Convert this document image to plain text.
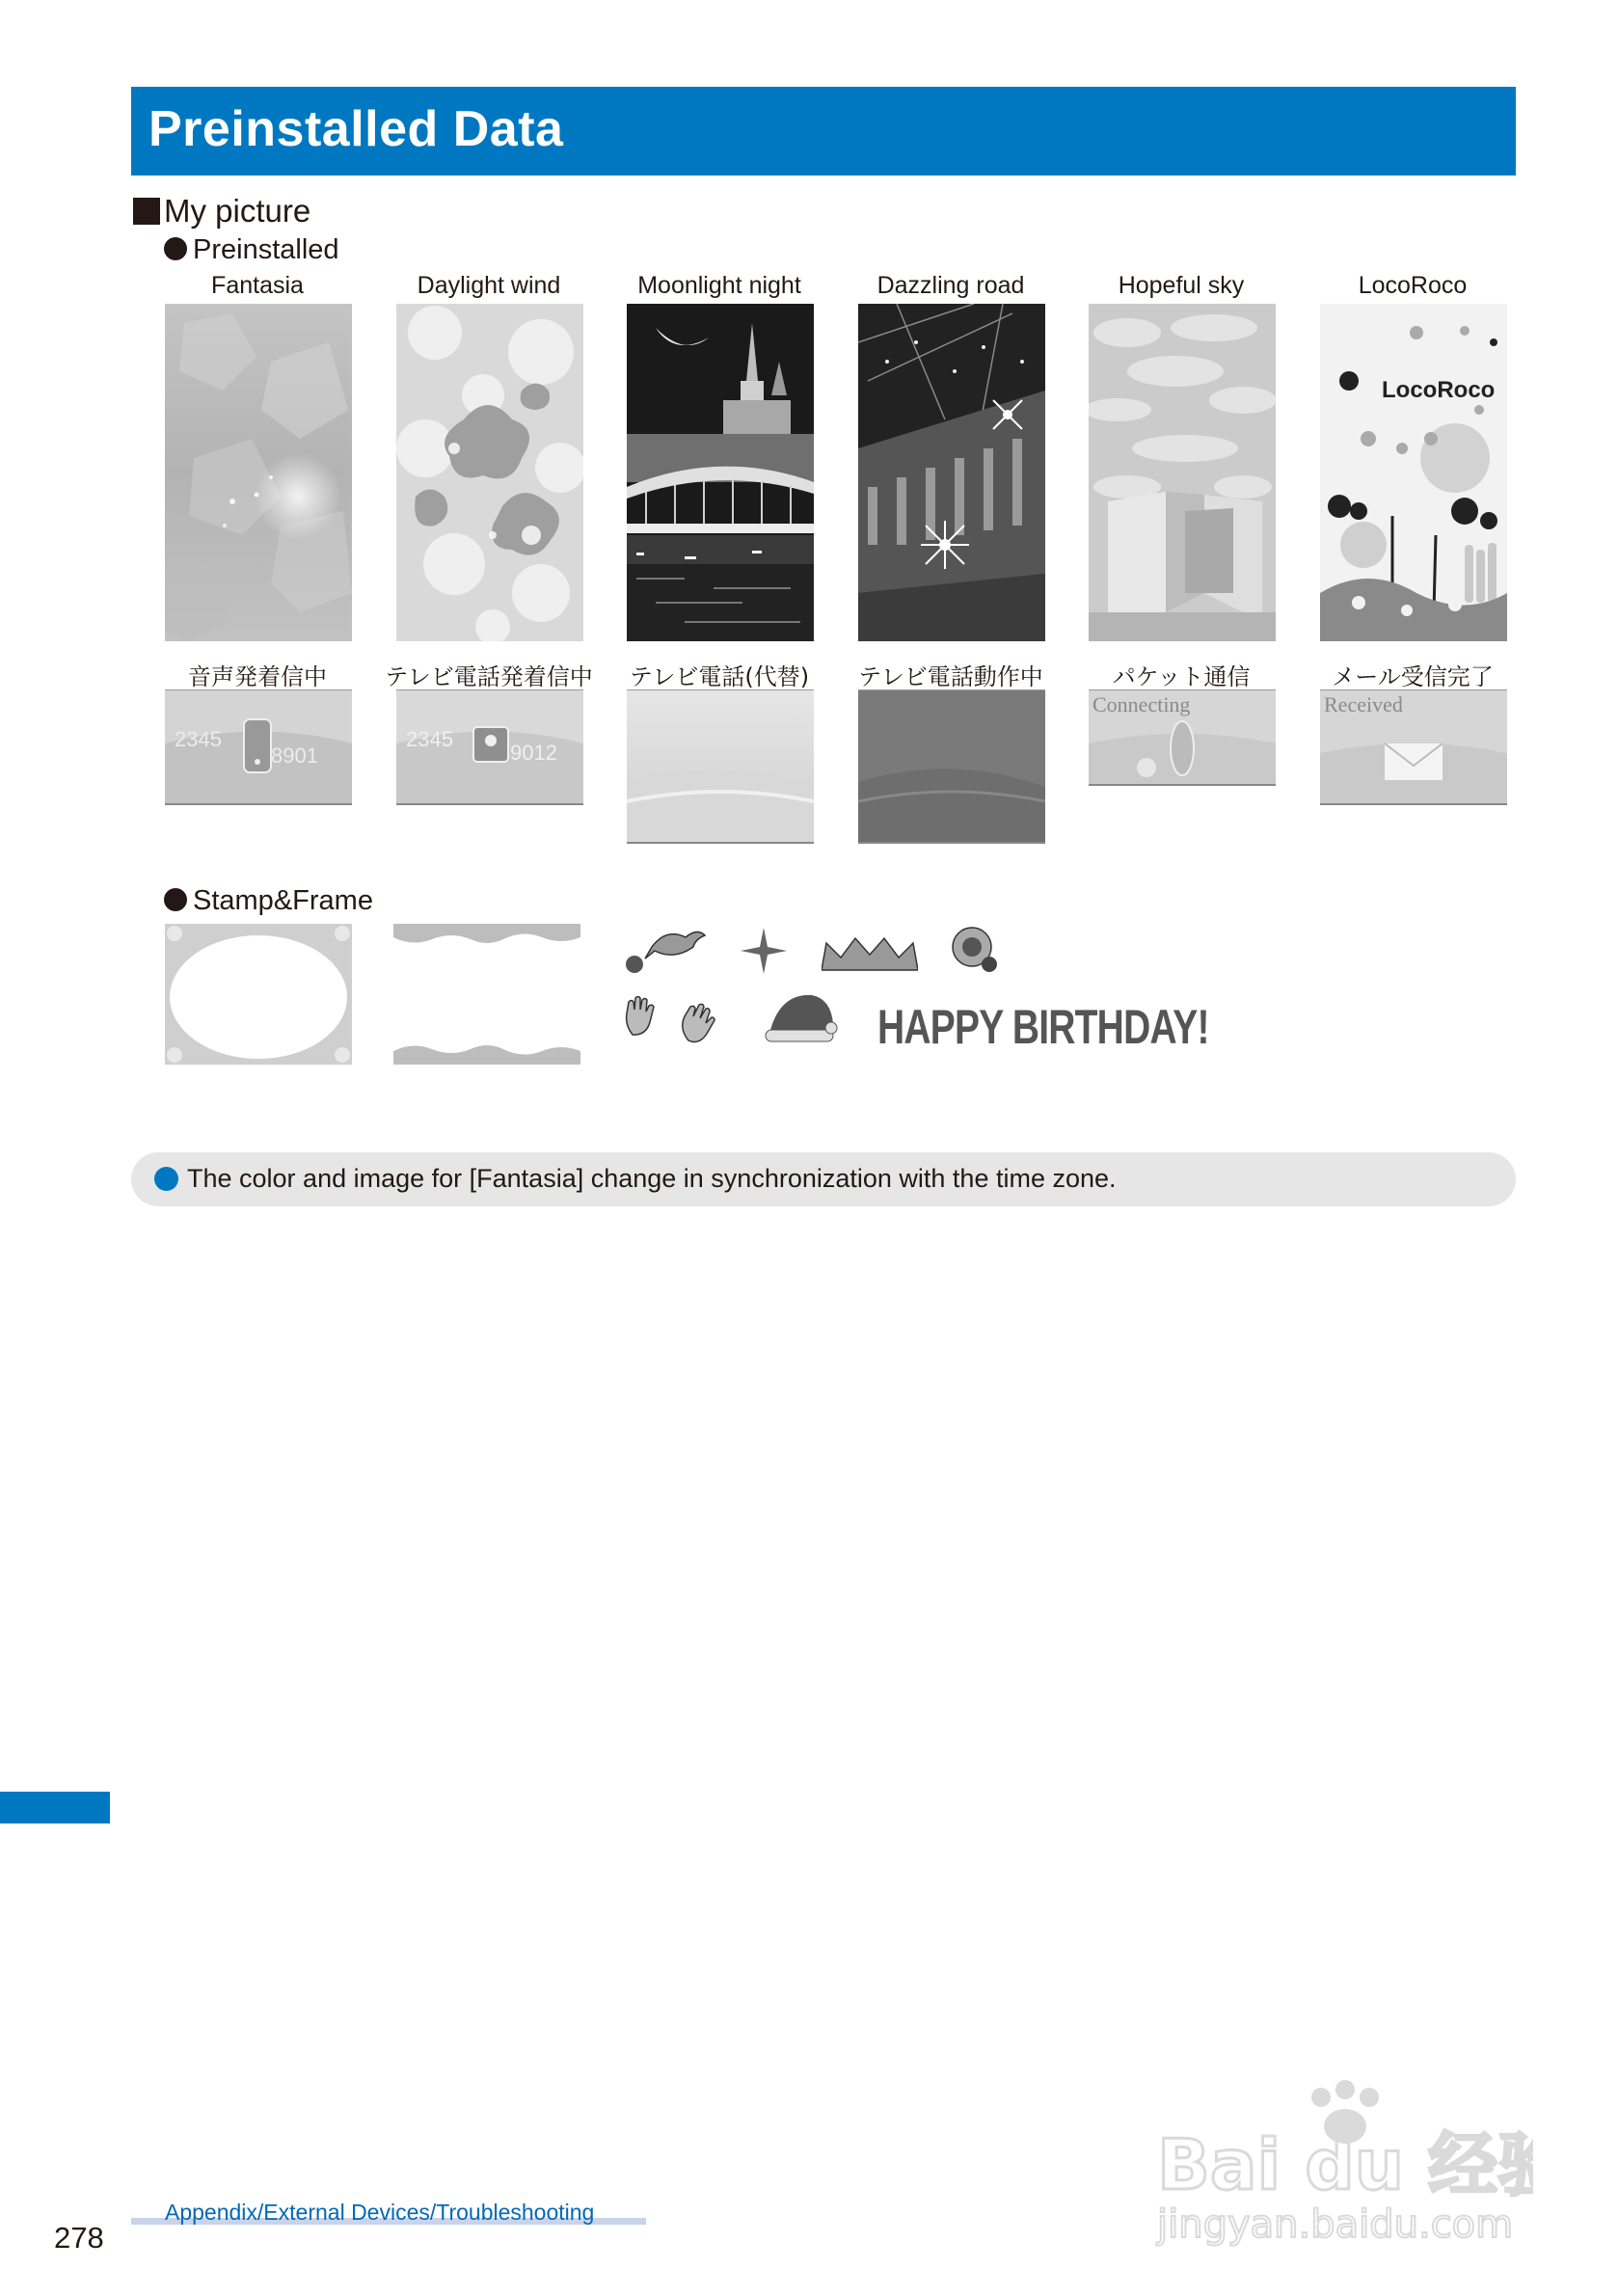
Preinstalled Data
My picture
Preinstalled
Fantasia	Daylight wind	Moonlight night	Dazzling road	Hopeful sky	LocoRoco
LocoRoco
音声発着信中	テレビ電話発着信中	テレビ電話(代替)	テレビ電話動作中	パケット通信	メール受信完了
2345
8901
2345
9012
Connecting	Received
Stamp&Frame
HAPPY BIRTHDAY!
The color and image for [Fantasia] change in synchronization with the time zone.
Appendix/External Devices/Troubleshooting
278
Bai du 经验
jingyan.baidu.com
